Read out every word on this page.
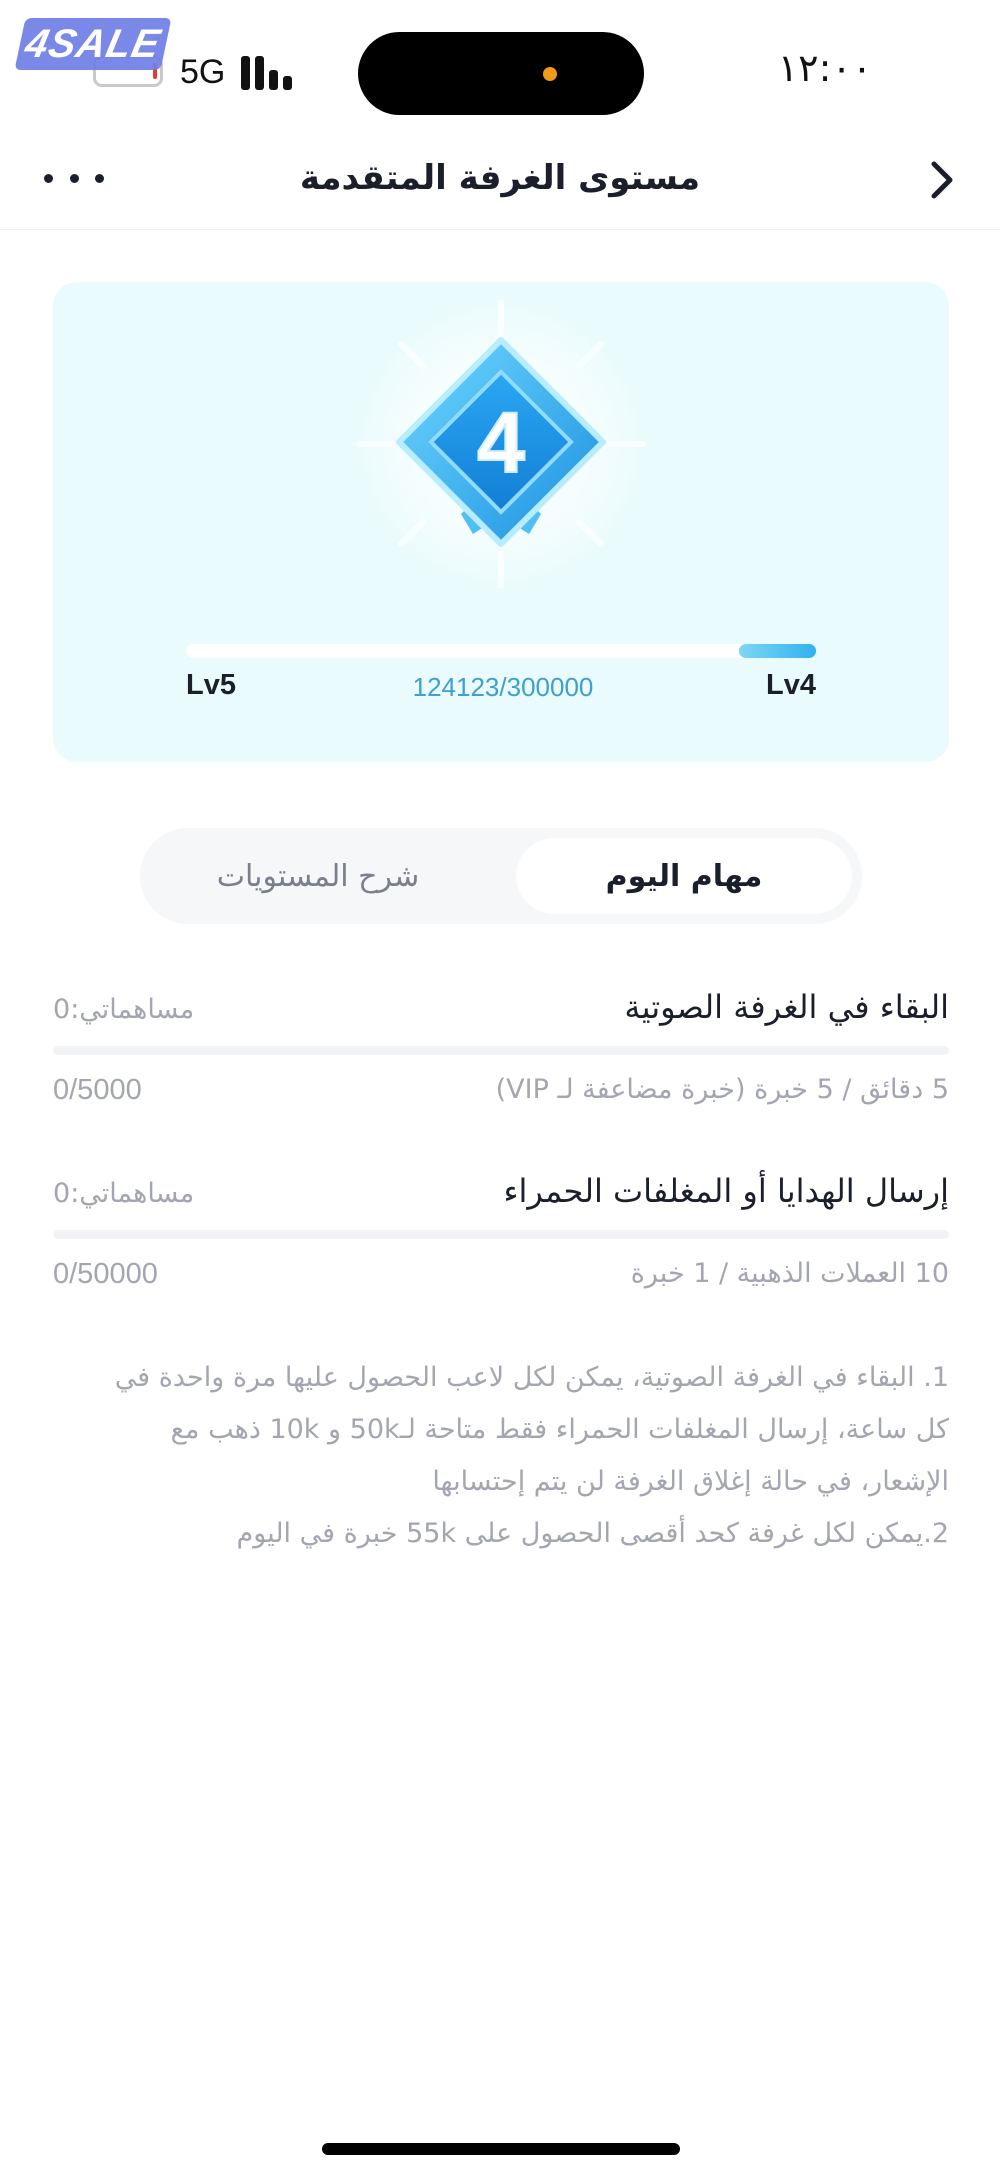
4SALE
5G	١٢:٠٠
مستوى الغرفة المتقدمة
4
Lv5	124123/300000	Lv4
مهام اليوم
شرح المستويات
البقاء في الغرفة الصوتية
مساهماتي:0
5 دقائق / 5 خبرة (خبرة مضاعفة لـ VIP)
0/5000
إرسال الهدايا أو المغلفات الحمراء
مساهماتي:0
10 العملات الذهبية / 1 خبرة
0/50000
1. البقاء في الغرفة الصوتية، يمكن لكل لاعب الحصول عليها مرة واحدة في كل ساعة، إرسال المغلفات الحمراء فقط متاحة لـ50k و 10k ذهب مع الإشعار، في حالة إغلاق الغرفة لن يتم إحتسابها
2.يمكن لكل غرفة كحد أقصى الحصول على 55k خبرة في اليوم
